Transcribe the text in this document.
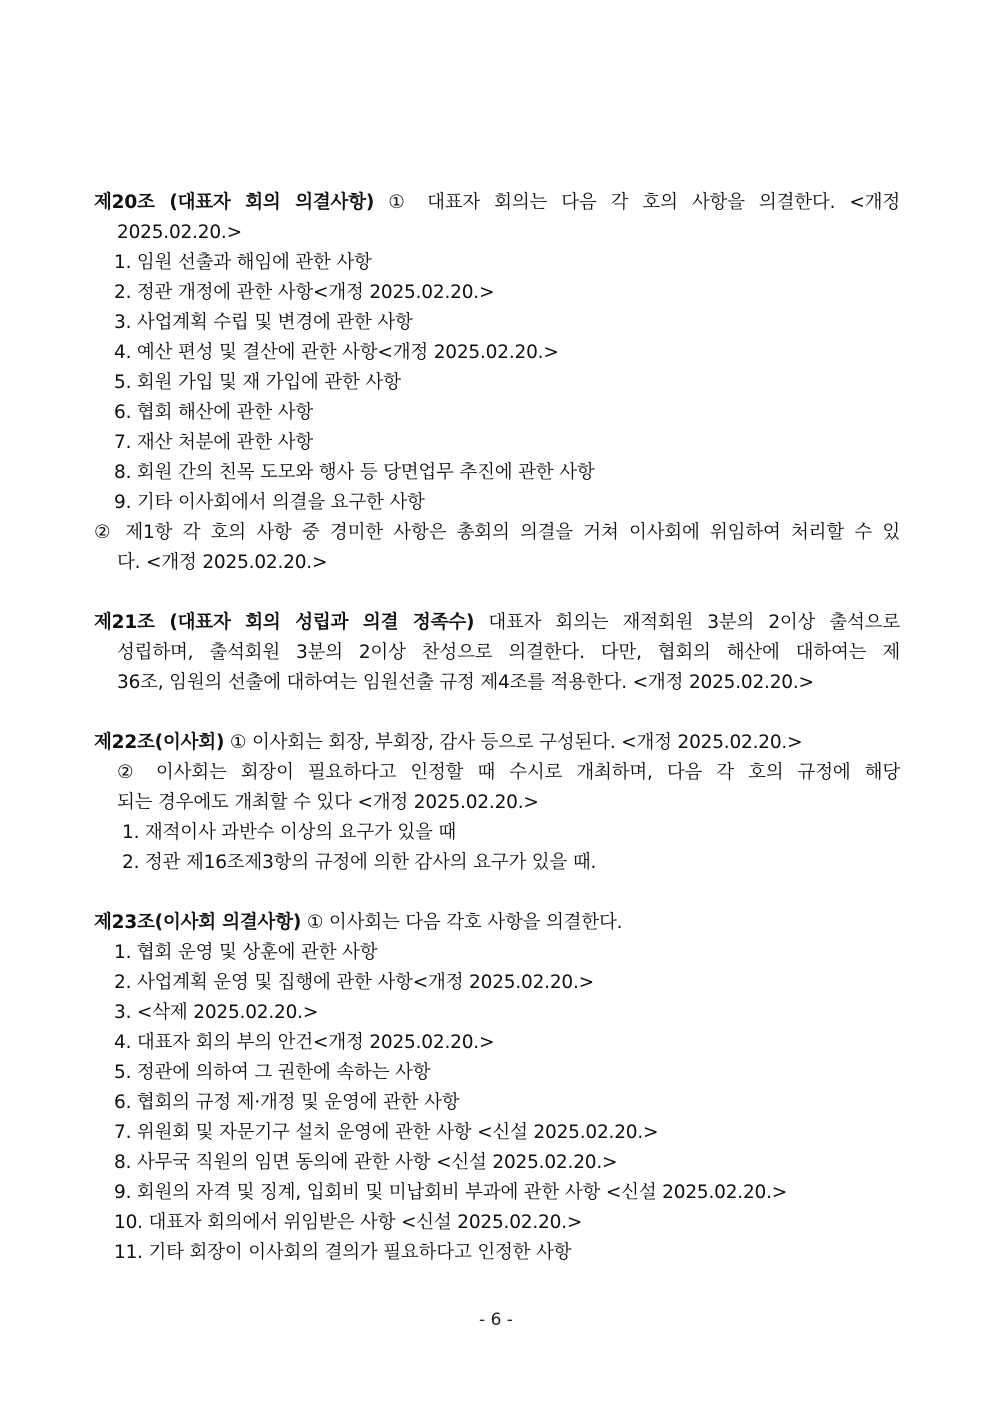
제20조 (대표자 회의 의결사항) ① 대표자 회의는 다음 각 호의 사항을 의결한다. <개정
2025.02.20.>
1. 임원 선출과 해임에 관한 사항
2. 정관 개정에 관한 사항<개정 2025.02.20.>
3. 사업계획 수립 및 변경에 관한 사항
4. 예산 편성 및 결산에 관한 사항<개정 2025.02.20.>
5. 회원 가입 및 재 가입에 관한 사항
6. 협회 해산에 관한 사항
7. 재산 처분에 관한 사항
8. 회원 간의 친목 도모와 행사 등 당면업무 추진에 관한 사항
9. 기타 이사회에서 의결을 요구한 사항
② 제1항 각 호의 사항 중 경미한 사항은 총회의 의결을 거쳐 이사회에 위임하여 처리할 수 있
다. <개정 2025.02.20.>
제21조 (대표자 회의 성립과 의결 정족수) 대표자 회의는 재적회원 3분의 2이상 출석으로
성립하며, 출석회원 3분의 2이상 찬성으로 의결한다. 다만, 협회의 해산에 대하여는 제
36조, 임원의 선출에 대하여는 임원선출 규정 제4조를 적용한다. <개정 2025.02.20.>
제22조(이사회) ① 이사회는 회장, 부회장, 감사 등으로 구성된다. <개정 2025.02.20.>
② 이사회는 회장이 필요하다고 인정할 때 수시로 개최하며, 다음 각 호의 규정에 해당
되는 경우에도 개최할 수 있다 <개정 2025.02.20.>
1. 재적이사 과반수 이상의 요구가 있을 때
2. 정관 제16조제3항의 규정에 의한 감사의 요구가 있을 때.
제23조(이사회 의결사항) ① 이사회는 다음 각호 사항을 의결한다.
1. 협회 운영 및 상훈에 관한 사항
2. 사업계획 운영 및 집행에 관한 사항<개정 2025.02.20.>
3. <삭제 2025.02.20.>
4. 대표자 회의 부의 안건<개정 2025.02.20.>
5. 정관에 의하여 그 권한에 속하는 사항
6. 협회의 규정 제·개정 및 운영에 관한 사항
7. 위원회 및 자문기구 설치 운영에 관한 사항 <신설 2025.02.20.>
8. 사무국 직원의 임면 동의에 관한 사항 <신설 2025.02.20.>
9. 회원의 자격 및 징계, 입회비 및 미납회비 부과에 관한 사항 <신설 2025.02.20.>
10. 대표자 회의에서 위임받은 사항 <신설 2025.02.20.>
11. 기타 회장이 이사회의 결의가 필요하다고 인정한 사항
- 6 -
